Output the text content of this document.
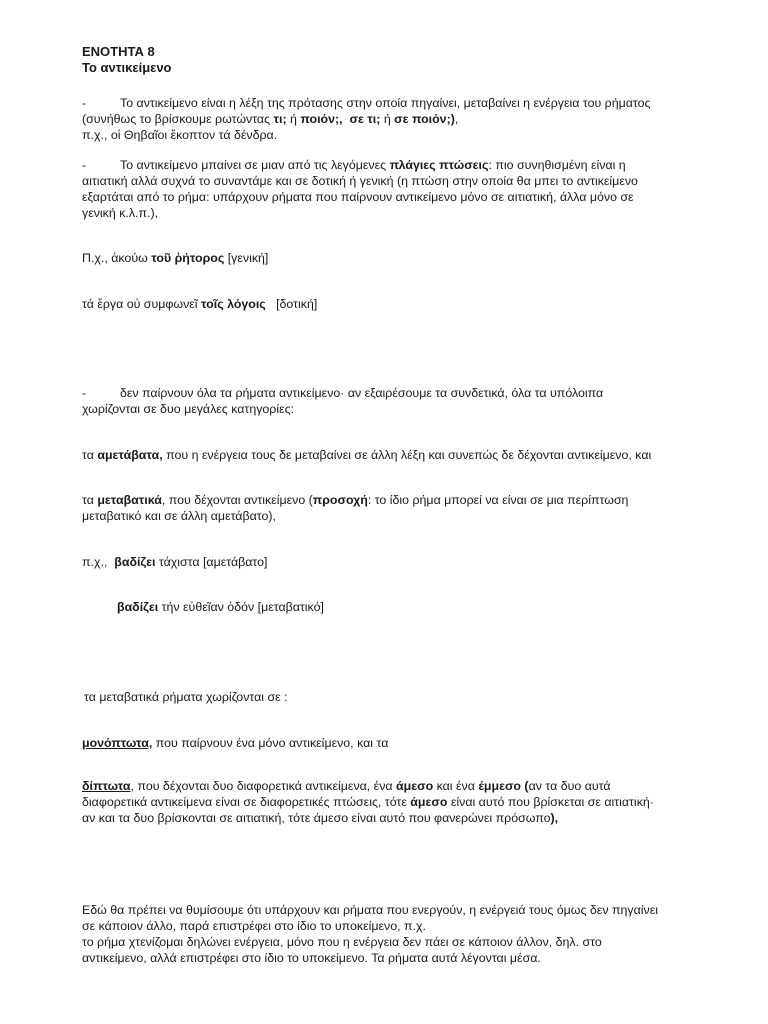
ΕΝΟΤΗΤΑ 8
Το αντικείμενο
-	Το αντικείμενο είναι η λέξη της πρότασης στην οποία πηγαίνει, μεταβαίνει η ενέργεια του ρήματος
(συνήθως το βρίσκουμε ρωτώντας τι; ή ποιόν;, σε τι; ή σε ποιόν;),
π.χ., οἱ Θηβαῖοι ἔκοπτον τά δένδρα.
-	Το αντικείμενο μπαίνει σε μιαν από τις λεγόμενες πλάγιες πτώσεις: πιο συνηθισμένη είναι η
αιτιατική αλλά συχνά το συναντάμε και σε δοτική ή γενική (η πτώση στην οποία θα μπει το αντικείμενο
εξαρτάται από το ρήμα: υπάρχουν ρήματα που παίρνουν αντικείμενο μόνο σε αιτιατική, άλλα μόνο σε
γενική κ.λ.π.),
Π.χ., ἀκούω τοῦ ῥήτορος [γενική]
τά ἔργα οὐ συμφωνεῖ τοῖς λόγοις   [δοτική]
-	δεν παίρνουν όλα τα ρήματα αντικείμενο· αν εξαιρέσουμε τα συνδετικά, όλα τα υπόλοιπα
χωρίζονται σε δυο μεγάλες κατηγορίες:
τα αμετάβατα, που η ενέργεια τους δε μεταβαίνει σε άλλη λέξη και συνεπώς δε δέχονται αντικείμενο, και
τα μεταβατικά, που δέχονται αντικείμενο (προσοχή: το ίδιο ρήμα μπορεί να είναι σε μια περίπτωση
μεταβατικό και σε άλλη αμετάβατο),
π.χ.,  βαδίζει τάχιστα [αμετάβατο]
βαδίζει τήν εὐθεῖαν ὁδόν [μεταβατικό]
τα μεταβατικά ρήματα χωρίζονται σε :
μονόπτωτα, που παίρνουν ένα μόνο αντικείμενο, και τα
δίπτωτα, που δέχονται δυο διαφορετικά αντικείμενα, ένα άμεσο και ένα έμμεσο (αν τα δυο αυτά
διαφορετικά αντικείμενα είναι σε διαφορετικές πτώσεις, τότε άμεσο είναι αυτό που βρίσκεται σε αιτιατική·
αν και τα δυο βρίσκονται σε αιτιατική, τότε άμεσο είναι αυτό που φανερώνει πρόσωπο),
Εδώ θα πρέπει να θυμίσουμε ότι υπάρχουν και ρήματα που ενεργούν, η ενέργειά τους όμως δεν πηγαίνει
σε κάποιον άλλο, παρά επιστρέφει στο ίδιο το υποκείμενο, π.χ.
το ρήμα χτενίζομαι δηλώνει ενέργεια, μόνο που η ενέργεια δεν πάει σε κάποιον άλλον, δηλ. στο
αντικείμενο, αλλά επιστρέφει στο ίδιο το υποκείμενο. Τα ρήματα αυτά λέγονται μέσα.
